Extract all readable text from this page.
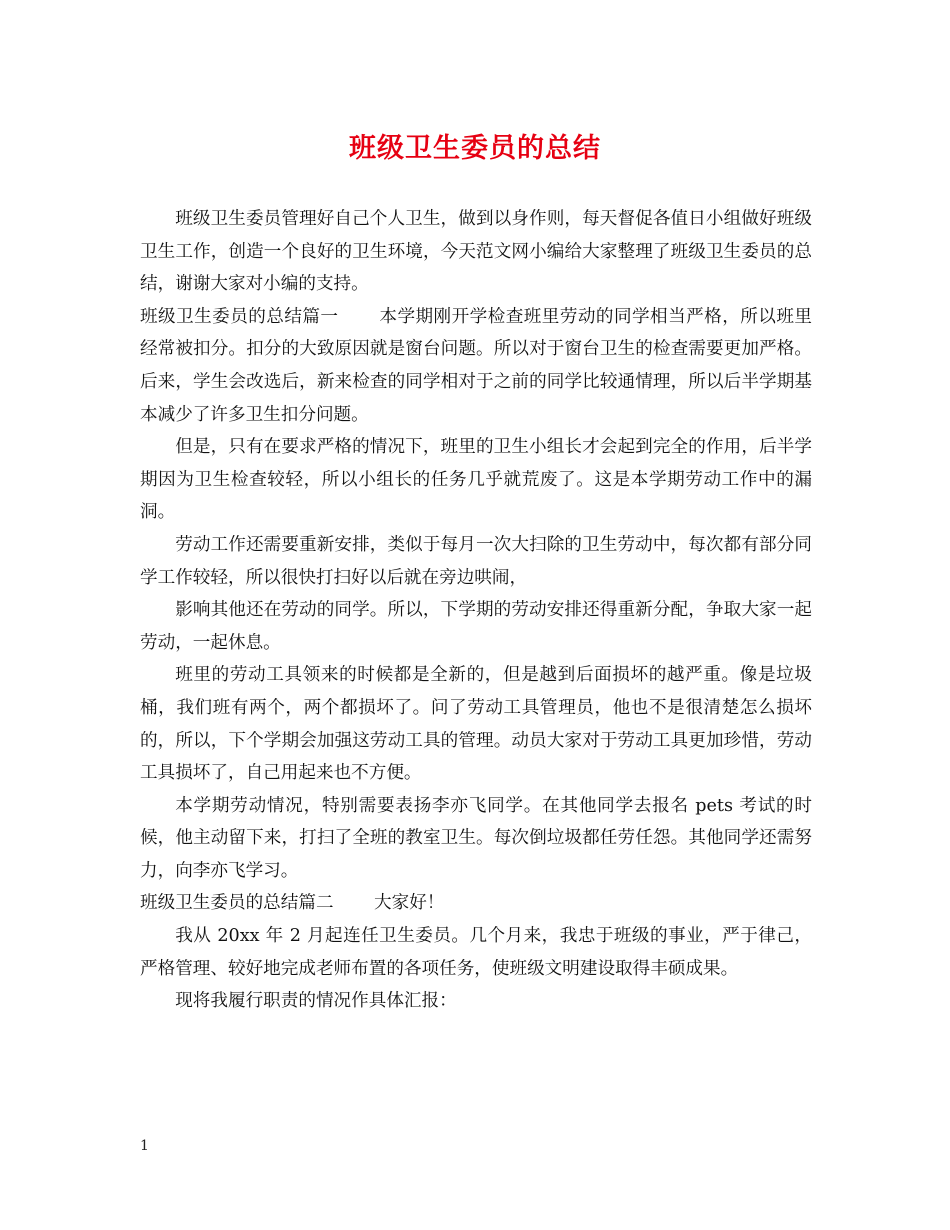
班级卫生委员的总结

班级卫生委员管理好自己个人卫生，做到以身作则，每天督促各值日小组做好班级卫生工作，创造一个良好的卫生环境，今天范文网小编给大家整理了班级卫生委员的总结，谢谢大家对小编的支持。

班级卫生委员的总结篇一 本学期刚开学检查班里劳动的同学相当严格，所以班里经常被扣分。扣分的大致原因就是窗台问题。所以对于窗台卫生的检查需要更加严格。后来，学生会改选后，新来检查的同学相对于之前的同学比较通情理，所以后半学期基本减少了许多卫生扣分问题。

但是，只有在要求严格的情况下，班里的卫生小组长才会起到完全的作用，后半学期因为卫生检查较轻，所以小组长的任务几乎就荒废了。这是本学期劳动工作中的漏洞。

劳动工作还需要重新安排，类似于每月一次大扫除的卫生劳动中，每次都有部分同学工作较轻，所以很快打扫好以后就在旁边哄闹，

影响其他还在劳动的同学。所以，下学期的劳动安排还得重新分配，争取大家一起劳动，一起休息。

班里的劳动工具领来的时候都是全新的，但是越到后面损坏的越严重。像是垃圾桶，我们班有两个，两个都损坏了。问了劳动工具管理员，他也不是很清楚怎么损坏的，所以，下个学期会加强这劳动工具的管理。动员大家对于劳动工具更加珍惜，劳动工具损坏了，自己用起来也不方便。

本学期劳动情况，特别需要表扬李亦飞同学。在其他同学去报名 pets 考试的时候，他主动留下来，打扫了全班的教室卫生。每次倒垃圾都任劳任怨。其他同学还需努力，向李亦飞学习。

班级卫生委员的总结篇二 大家好！

我从 20xx 年 2 月起连任卫生委员。几个月来，我忠于班级的事业，严于律己，严格管理、较好地完成老师布置的各项任务，使班级文明建设取得丰硕成果。

现将我履行职责的情况作具体汇报：

1
